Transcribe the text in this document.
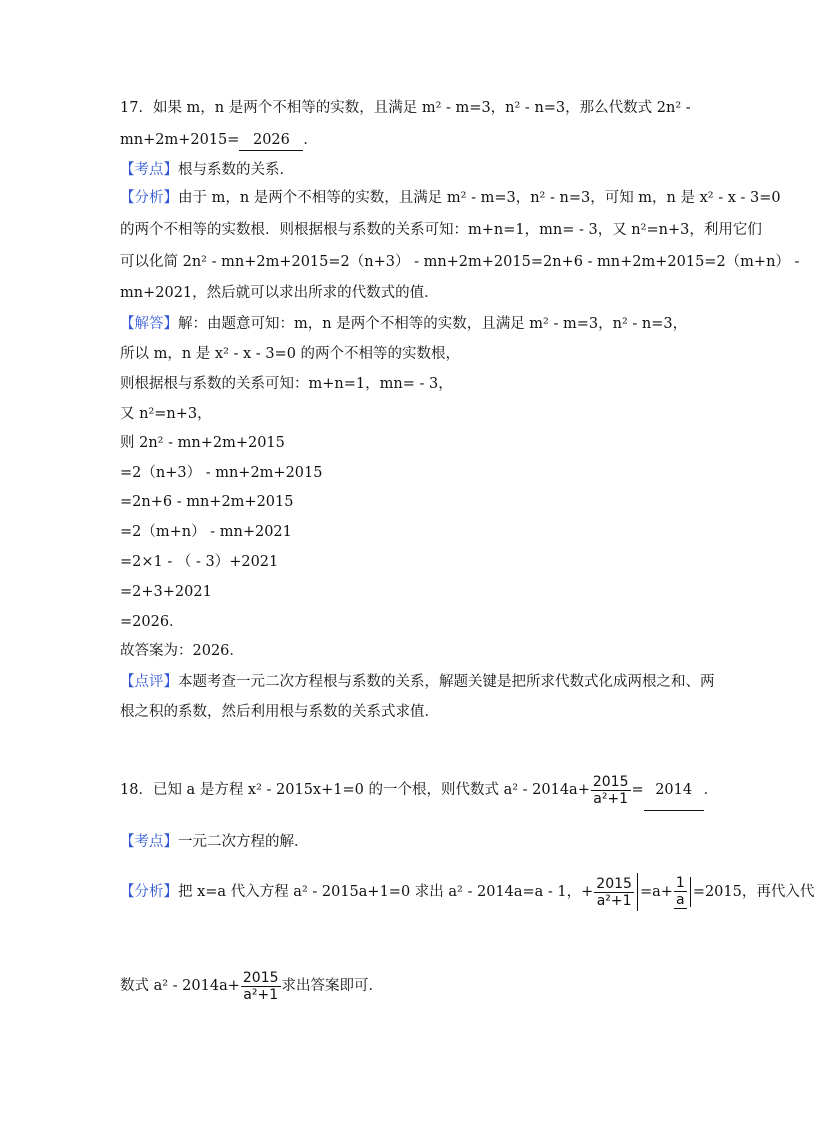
17．如果 m，n 是两个不相等的实数，且满足 m² - m=3，n² - n=3，那么代数式 2n² -
mn+2m+2015= 2026 ．
【考点】根与系数的关系．
【分析】由于 m，n 是两个不相等的实数，且满足 m² - m=3，n² - n=3，可知 m，n 是 x² - x - 3=0
的两个不相等的实数根．则根据根与系数的关系可知：m+n=1，mn= - 3，又 n²=n+3，利用它们
可以化简 2n² - mn+2m+2015=2（n+3） - mn+2m+2015=2n+6 - mn+2m+2015=2（m+n） -
mn+2021，然后就可以求出所求的代数式的值．
【解答】解：由题意可知：m，n 是两个不相等的实数，且满足 m² - m=3，n² - n=3，
所以 m，n 是 x² - x - 3=0 的两个不相等的实数根，
则根据根与系数的关系可知：m+n=1，mn= - 3，
又 n²=n+3，
则 2n² - mn+2m+2015
=2（n+3） - mn+2m+2015
=2n+6 - mn+2m+2015
=2（m+n） - mn+2021
=2×1 - （ - 3）+2021
=2+3+2021
=2026．
故答案为：2026．
【点评】本题考查一元二次方程根与系数的关系，解题关键是把所求代数式化成两根之和、两
根之积的系数，然后利用根与系数的关系式求值．
18．已知 a 是方程 x² - 2015x+1=0 的一个根，则代数式 $a^2 - 2014a+ \frac{2015}{\text{a²+1}} = 2014$ ．
【考点】一元二次方程的解．
【分析】把 x=a 代入方程 a² - 2015a+1=0 求出 a² - 2014a=a - 1，+ $\frac{2015}{\text{a²+1}} =a+ \frac{1}{a} =2015$，再代入代
数式 $a^2 - 2014a+ \frac{2015}{\text{a²+1}}$ 求出答案即可．
